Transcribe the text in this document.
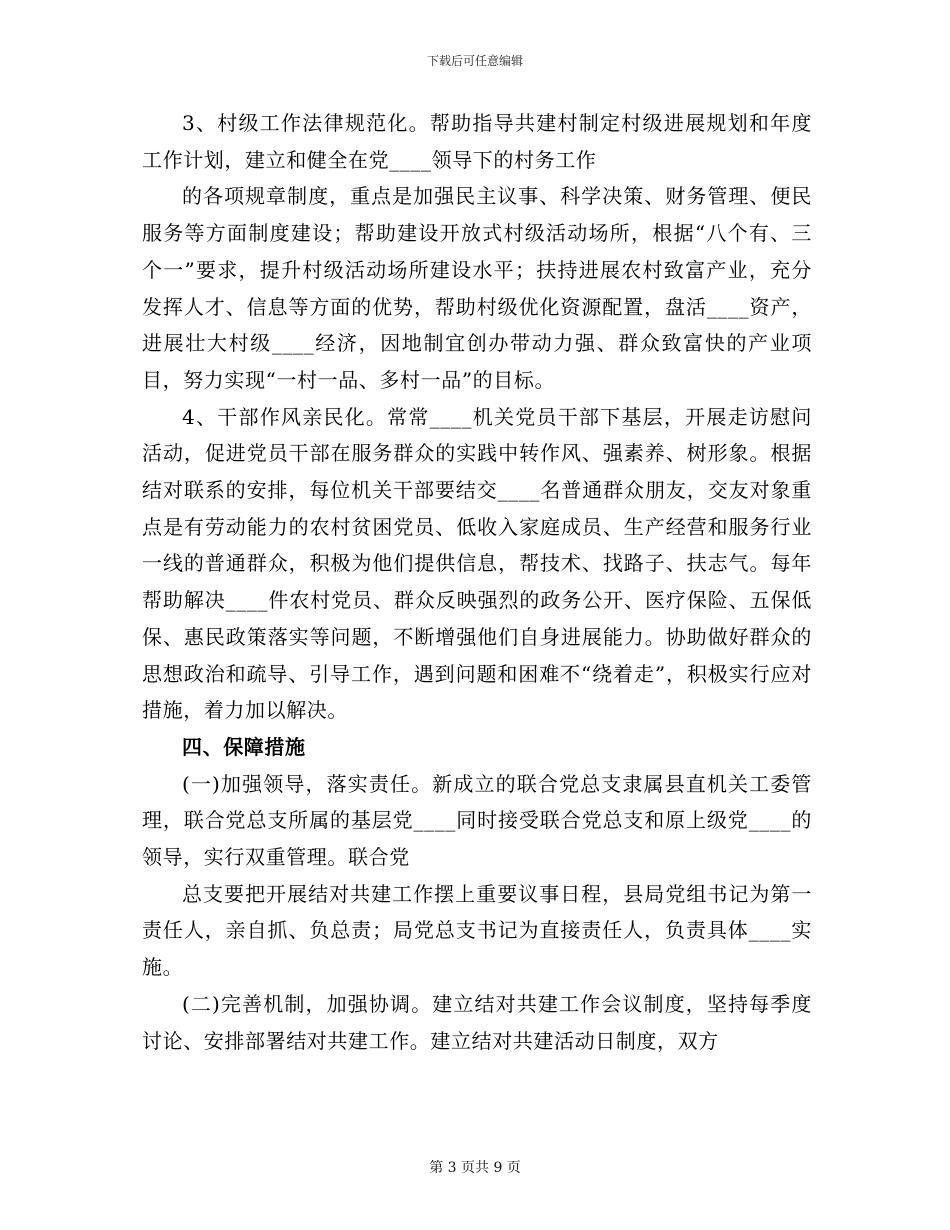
下载后可任意编辑

3、村级工作法律规范化。帮助指导共建村制定村级进展规划和年度工作计划，建立和健全在党____领导下的村务工作

的各项规章制度，重点是加强民主议事、科学决策、财务管理、便民服务等方面制度建设；帮助建设开放式村级活动场所，根据“八个有、三个一”要求，提升村级活动场所建设水平；扶持进展农村致富产业，充分发挥人才、信息等方面的优势，帮助村级优化资源配置，盘活____资产，进展壮大村级____经济，因地制宜创办带动力强、群众致富快的产业项目，努力实现“一村一品、多村一品”的目标。

4、干部作风亲民化。常常____机关党员干部下基层，开展走访慰问活动，促进党员干部在服务群众的实践中转作风、强素养、树形象。根据结对联系的安排，每位机关干部要结交____名普通群众朋友，交友对象重点是有劳动能力的农村贫困党员、低收入家庭成员、生产经营和服务行业一线的普通群众，积极为他们提供信息，帮技术、找路子、扶志气。每年帮助解决____件农村党员、群众反映强烈的政务公开、医疗保险、五保低保、惠民政策落实等问题，不断增强他们自身进展能力。协助做好群众的思想政治和疏导、引导工作，遇到问题和困难不“绕着走”，积极实行应对措施，着力加以解决。

四、保障措施

(一)加强领导，落实责任。新成立的联合党总支隶属县直机关工委管理，联合党总支所属的基层党____同时接受联合党总支和原上级党____的领导，实行双重管理。联合党

总支要把开展结对共建工作摆上重要议事日程，县局党组书记为第一责任人，亲自抓、负总责；局党总支书记为直接责任人，负责具体____实施。

(二)完善机制，加强协调。建立结对共建工作会议制度，坚持每季度讨论、安排部署结对共建工作。建立结对共建活动日制度，双方

第 3 页共 9 页
